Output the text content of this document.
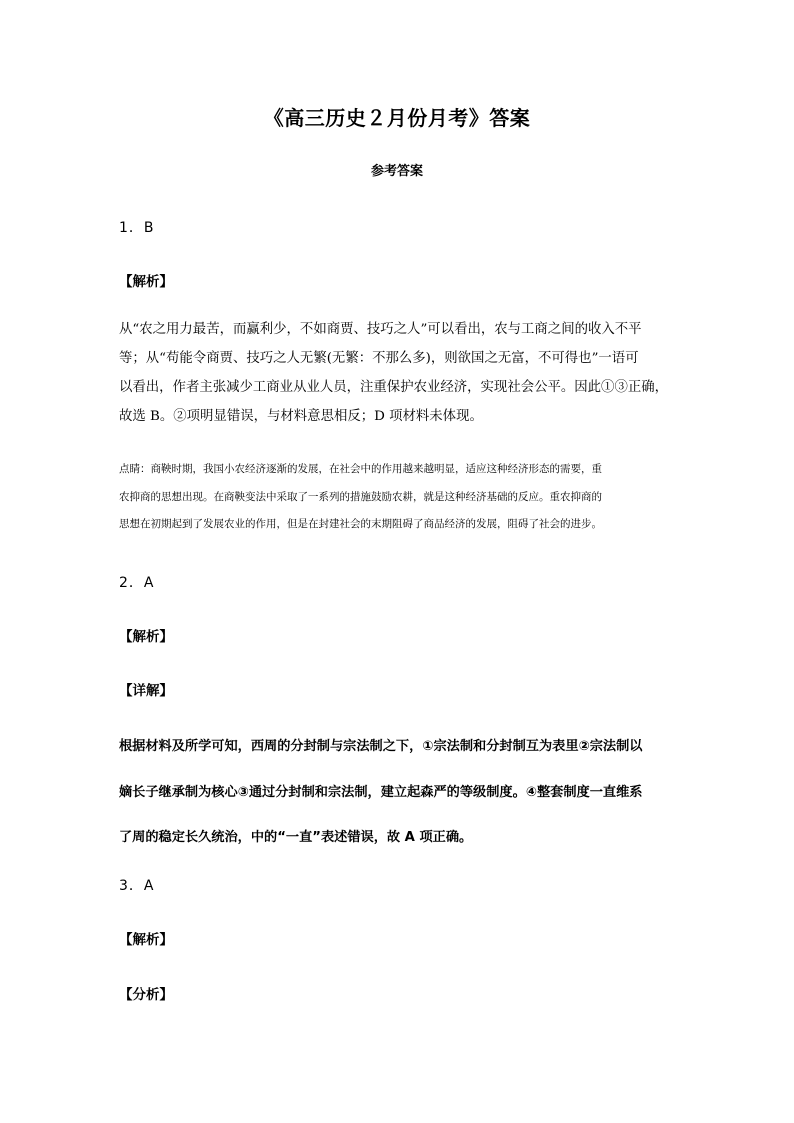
《高三历史２月份月考》答案
参考答案
1．B
【解析】
从“农之用力最苦，而赢利少，不如商贾、技巧之人”可以看出，农与工商之间的收入不平
等；从“苟能令商贾、技巧之人无繁(无繁：不那么多)，则欲国之无富，不可得也”一语可
以看出，作者主张减少工商业从业人员，注重保护农业经济，实现社会公平。因此①③正确，
故选 B。②项明显错误，与材料意思相反；D 项材料未体现。
点睛：商鞅时期，我国小农经济逐渐的发展，在社会中的作用越来越明显，适应这种经济形态的需要，重
农抑商的思想出现。在商鞅变法中采取了一系列的措施鼓励农耕，就是这种经济基础的反应。重农抑商的
思想在初期起到了发展农业的作用，但是在封建社会的末期阻碍了商品经济的发展，阻碍了社会的进步。
2．A
【解析】
【详解】
根据材料及所学可知，西周的分封制与宗法制之下，①宗法制和分封制互为表里②宗法制以
嫡长子继承制为核心③通过分封制和宗法制，建立起森严的等级制度。④整套制度一直维系
了周的稳定长久统治，中的“一直”表述错误，故 A 项正确。
3．A
【解析】
【分析】
